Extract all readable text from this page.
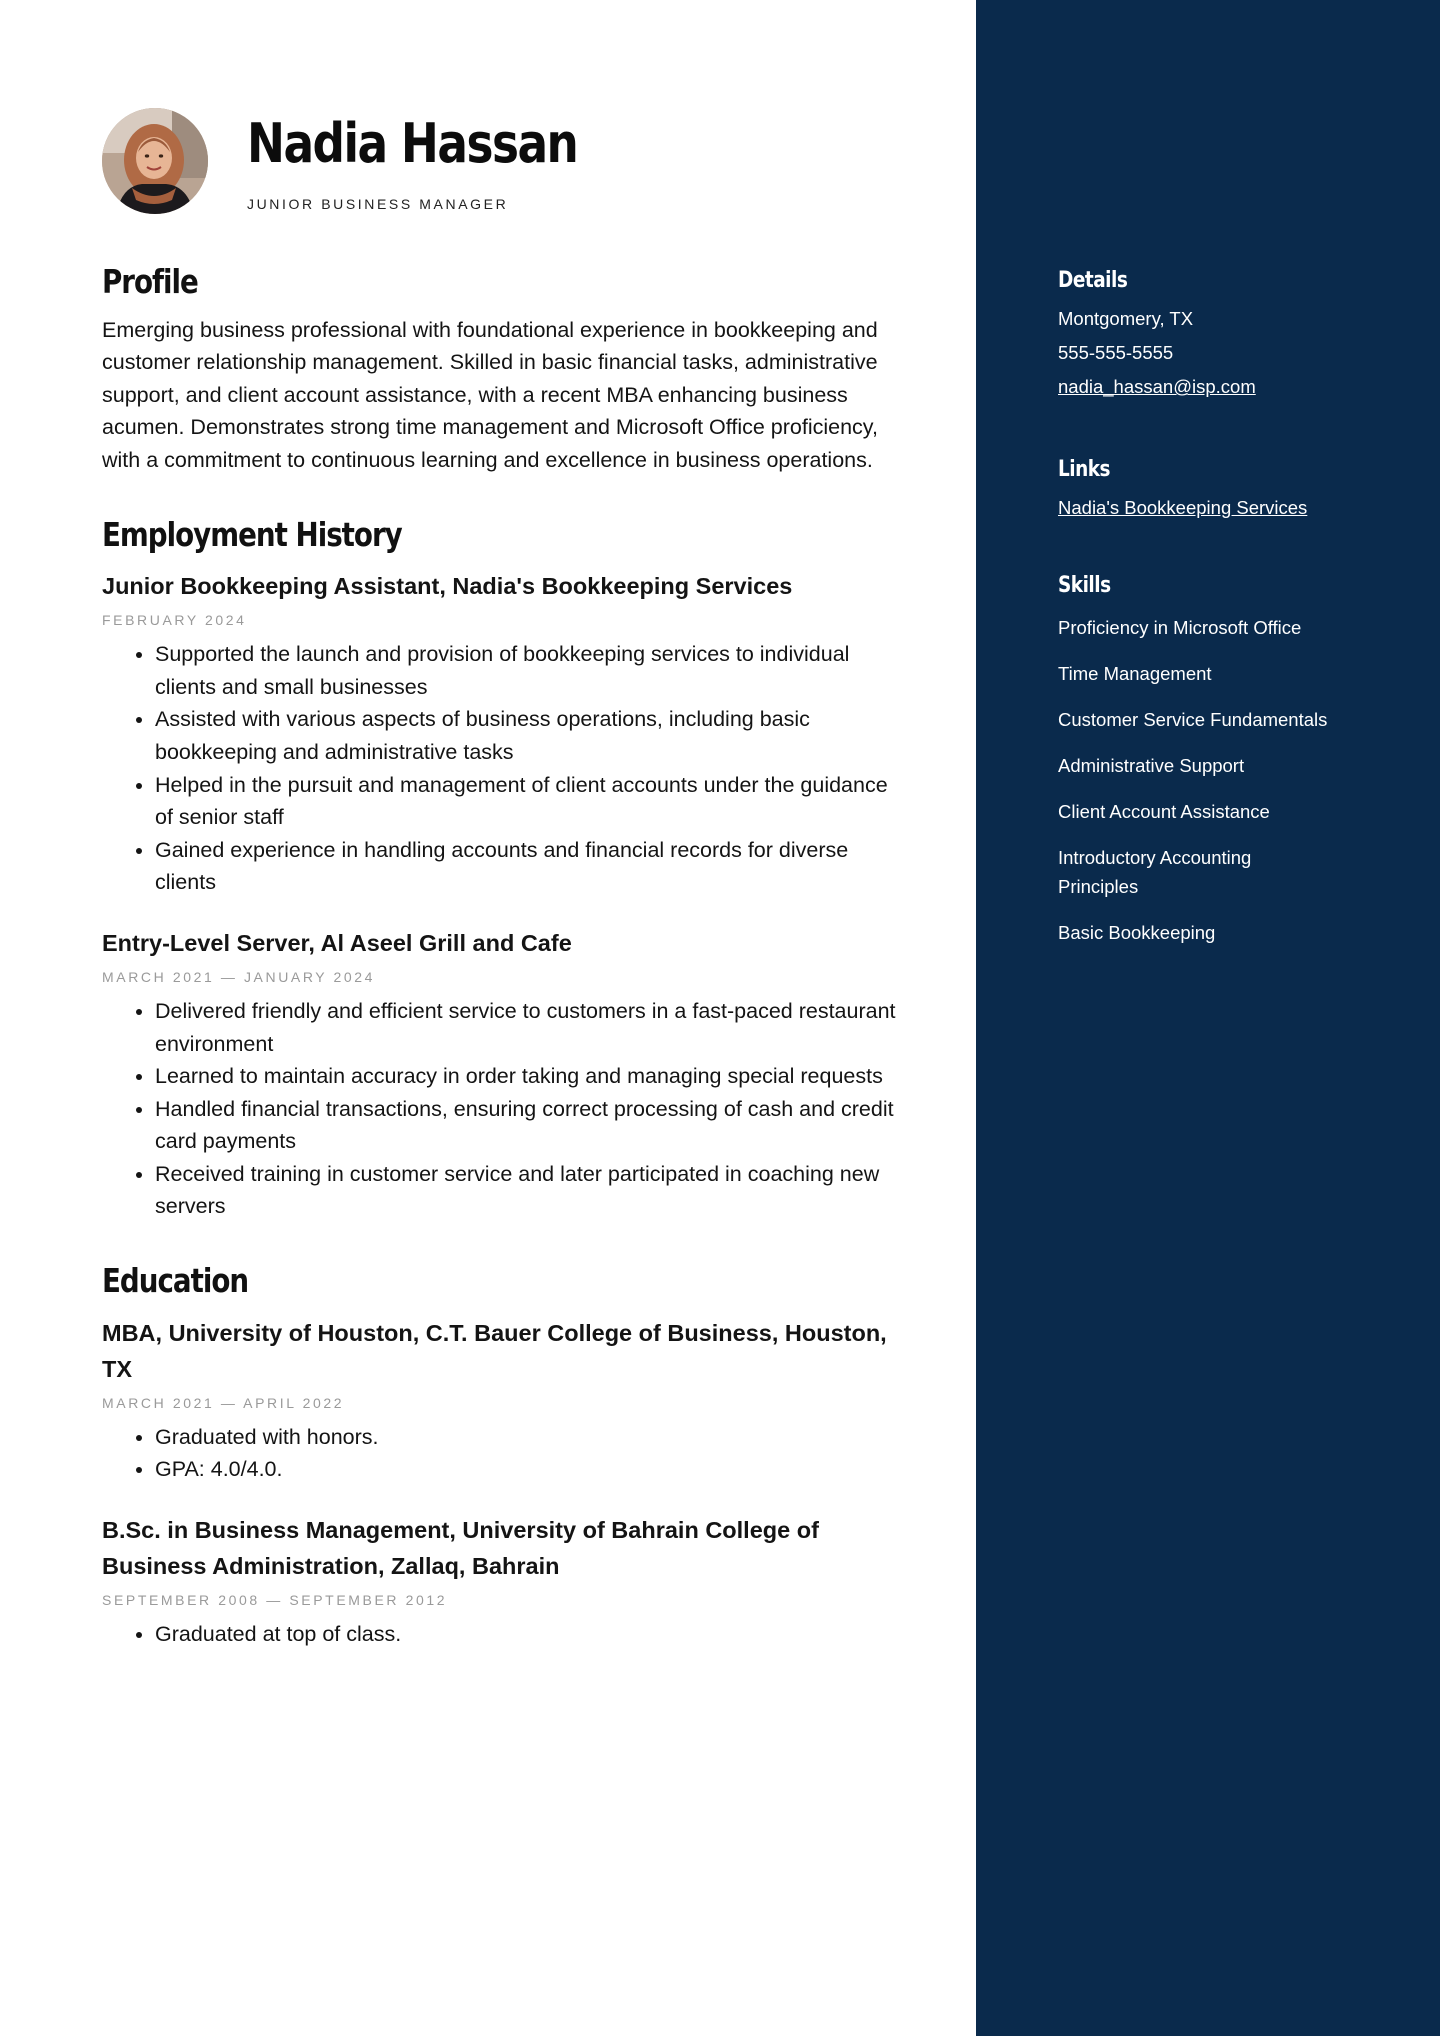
Nadia Hassan

JUNIOR BUSINESS MANAGER

Profile

Emerging business professional with foundational experience in bookkeeping and customer relationship management. Skilled in basic financial tasks, administrative support, and client account assistance, with a recent MBA enhancing business acumen. Demonstrates strong time management and Microsoft Office proficiency, with a commitment to continuous learning and excellence in business operations.

Employment History
Junior Bookkeeping Assistant, Nadia's Bookkeeping Services

FEBRUARY 2024

• Supported the launch and provision of bookkeeping services to individual clients and small businesses
• Assisted with various aspects of business operations, including basic bookkeeping and administrative tasks
• Helped in the pursuit and management of client accounts under the guidance of senior staff
• Gained experience in handling accounts and financial records for diverse clients
Entry-Level Server, Al Aseel Grill and Cafe

MARCH 2021 — JANUARY 2024

• Delivered friendly and efficient service to customers in a fast-paced restaurant environment
• Learned to maintain accuracy in order taking and managing special requests
• Handled financial transactions, ensuring correct processing of cash and credit card payments
• Received training in customer service and later participated in coaching new servers
Education
MBA, University of Houston, C.T. Bauer College of Business, Houston, TX

MARCH 2021 — APRIL 2022

• Graduated with honors.
• GPA: 4.0/4.0.
B.Sc. in Business Management, University of Bahrain College of Business Administration, Zallaq, Bahrain

SEPTEMBER 2008 — SEPTEMBER 2012

• Graduated at top of class.
Details

Montgomery, TX

555-555-5555

nadia_hassan@isp.com
Links
Nadia's Bookkeeping Services
Skills

Proficiency in Microsoft Office

Time Management

Customer Service Fundamentals

Administrative Support

Client Account Assistance

Introductory Accounting Principles

Basic Bookkeeping
